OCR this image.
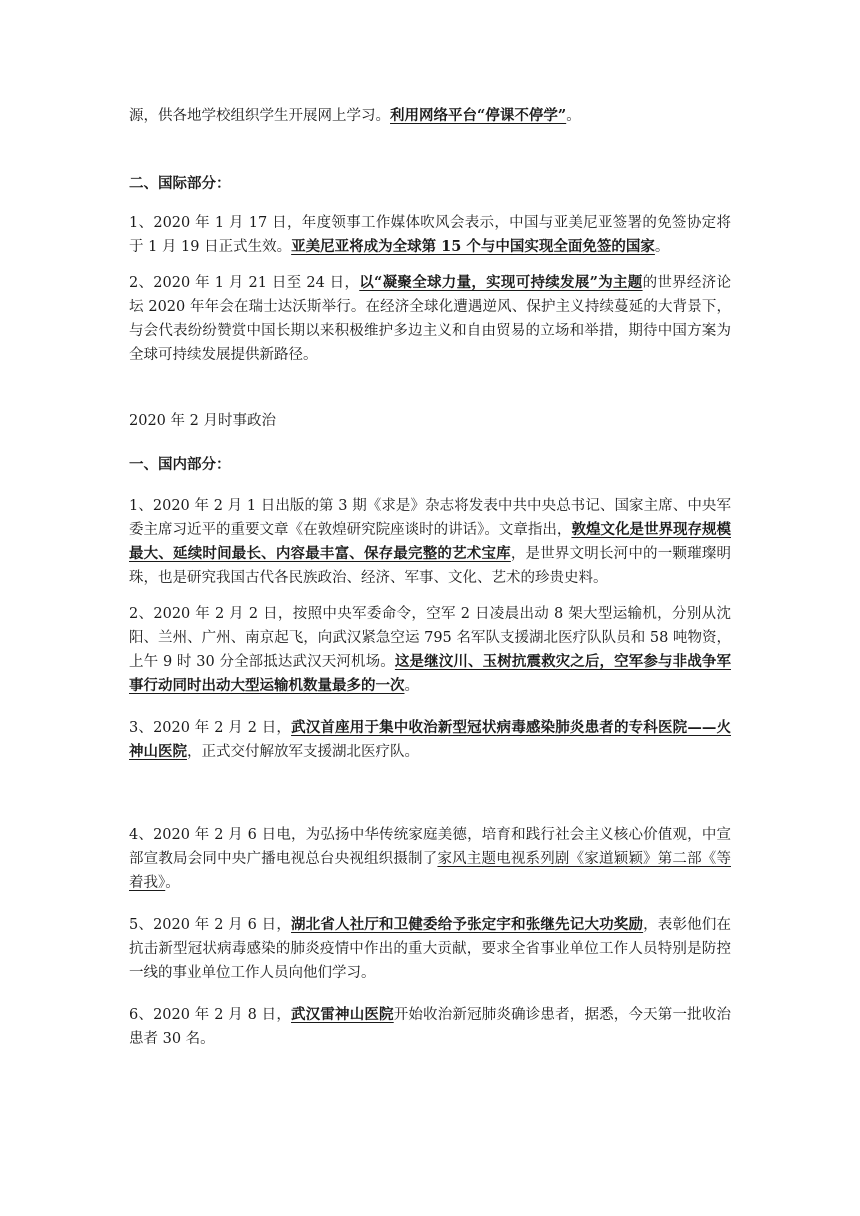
源，供各地学校组织学生开展网上学习。利用网络平台“停课不停学”。

二、国际部分：

1、2020 年 1 月 17 日，年度领事工作媒体吹风会表示，中国与亚美尼亚签署的免签协定将于 1 月 19 日正式生效。亚美尼亚将成为全球第 15 个与中国实现全面免签的国家。

2、2020 年 1 月 21 日至 24 日，以“凝聚全球力量，实现可持续发展”为主题的世界经济论坛 2020 年年会在瑞士达沃斯举行。在经济全球化遭遇逆风、保护主义持续蔓延的大背景下，与会代表纷纷赞赏中国长期以来积极维护多边主义和自由贸易的立场和举措，期待中国方案为全球可持续发展提供新路径。

2020 年 2 月时事政治

一、国内部分：

1、2020 年 2 月 1 日出版的第 3 期《求是》杂志将发表中共中央总书记、国家主席、中央军委主席习近平的重要文章《在敦煌研究院座谈时的讲话》。文章指出，敦煌文化是世界现存规模最大、延续时间最长、内容最丰富、保存最完整的艺术宝库，是世界文明长河中的一颗璀璨明珠，也是研究我国古代各民族政治、经济、军事、文化、艺术的珍贵史料。

2、2020 年 2 月 2 日，按照中央军委命令，空军 2 日凌晨出动 8 架大型运输机，分别从沈阳、兰州、广州、南京起飞，向武汉紧急空运 795 名军队支援湖北医疗队队员和 58 吨物资，上午 9 时 30 分全部抵达武汉天河机场。这是继汶川、玉树抗震救灾之后，空军参与非战争军事行动同时出动大型运输机数量最多的一次。

3、2020 年 2 月 2 日，武汉首座用于集中收治新型冠状病毒感染肺炎患者的专科医院——火神山医院，正式交付解放军支援湖北医疗队。

4、2020 年 2 月 6 日电，为弘扬中华传统家庭美德，培育和践行社会主义核心价值观，中宣部宣教局会同中央广播电视总台央视组织摄制了家风主题电视系列剧《家道颖颖》第二部《等着我》。

5、2020 年 2 月 6 日，湖北省人社厅和卫健委给予张定宇和张继先记大功奖励，表彰他们在抗击新型冠状病毒感染的肺炎疫情中作出的重大贡献，要求全省事业单位工作人员特别是防控一线的事业单位工作人员向他们学习。

6、2020 年 2 月 8 日，武汉雷神山医院开始收治新冠肺炎确诊患者，据悉，今天第一批收治患者 30 名。
